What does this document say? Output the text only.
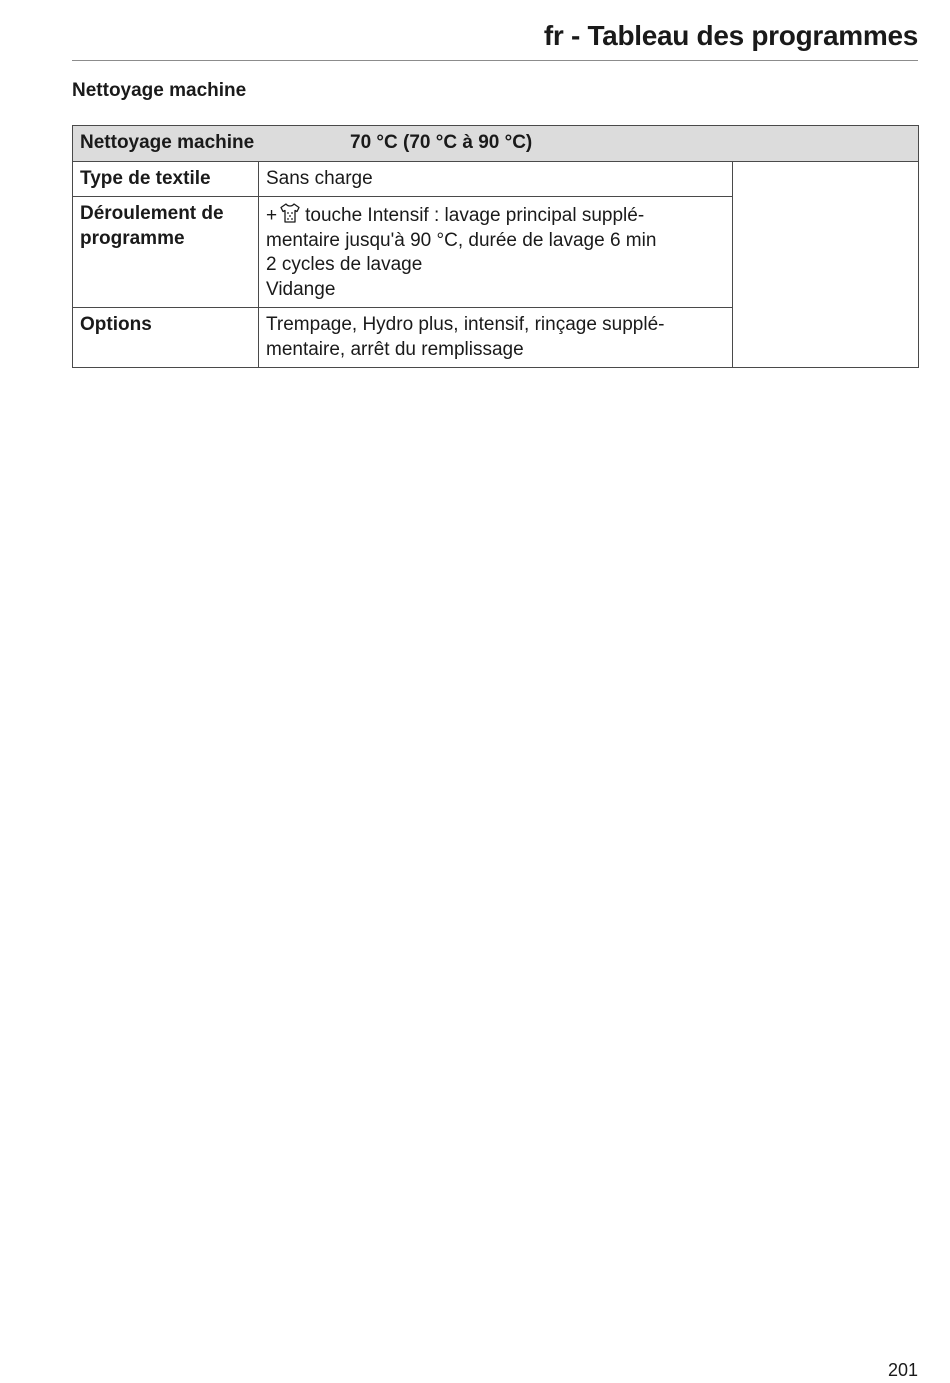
fr - Tableau des programmes
Nettoyage machine
Nettoyage machine 70 °C (70 °C à 90 °C)		
Type de textile	Sans charge	

Déroulement de programme	+ touche Intensif : lavage principal supplé-
mentaire jusqu'à 90 °C, durée de lavage 6 min
2 cycles de lavage
Vidange	

Options	Trempage, Hydro plus, intensif, rinçage supplé-
mentaire, arrêt du remplissage	
201
